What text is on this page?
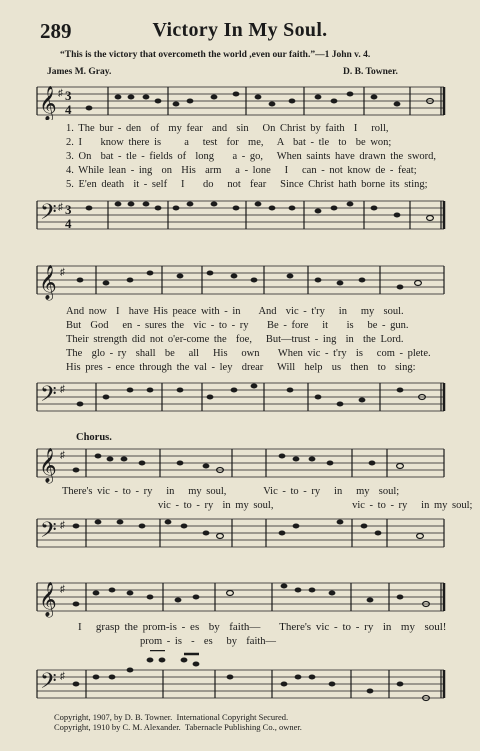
289	Victory In My Soul.
“This is the victory that overcometh the world ,even our faith.”—1 John v. 4.
James M. Gray.	D. B. Towner.
𝄞 ♯ 3
4
1. The bur - den  of  my fear  and  sin   On Christ by faith  I   roll,
2. I    know there is     a   test  for  me,   A  bat - tle  to  be won;
3. On  bat - tle - fields of  long    a - go,   When saints have drawn the sword,
4. While lean - ing  on  His  arm   a - lone   I   can - not know de - feat;
5. E'en death  it - self   I    do   not  fear   Since Christ hath borne its sting;
𝄢 ♯ 3
4
𝄞 ♯
And now  I  have His peace with - in    And  vic - t'ry   in   my  soul.
But  God   en - sures the  vic - to - ry    Be - fore   it    is   be - gun.
Their strength did not o'er-come the  foe,   But—trust - ing  in  the Lord.
The  glo - ry  shall  be   all   His   own    When vic - t'ry  is   com - plete.
His pres - ence through the val - ley  drear   Will  help  us  then  to  sing:
𝄢 ♯
Chorus.
𝄞 ♯
There's vic - to - ry   in   my soul,        Vic - to - ry   in   my  soul;
vic - to - ry  in my soul,                 vic - to - ry   in my soul;
𝄢 ♯
𝄞 ♯
I   grasp the prom-is - es  by  faith—    There's vic - to - ry  in  my  soul!
prom - is  -  es   by  faith—
𝄢 ♯
Copyright, 1907, by D. B. Towner.  International Copyright Secured.
Copyright, 1910 by C. M. Alexander.  Tabernacle Publishing Co., owner.
